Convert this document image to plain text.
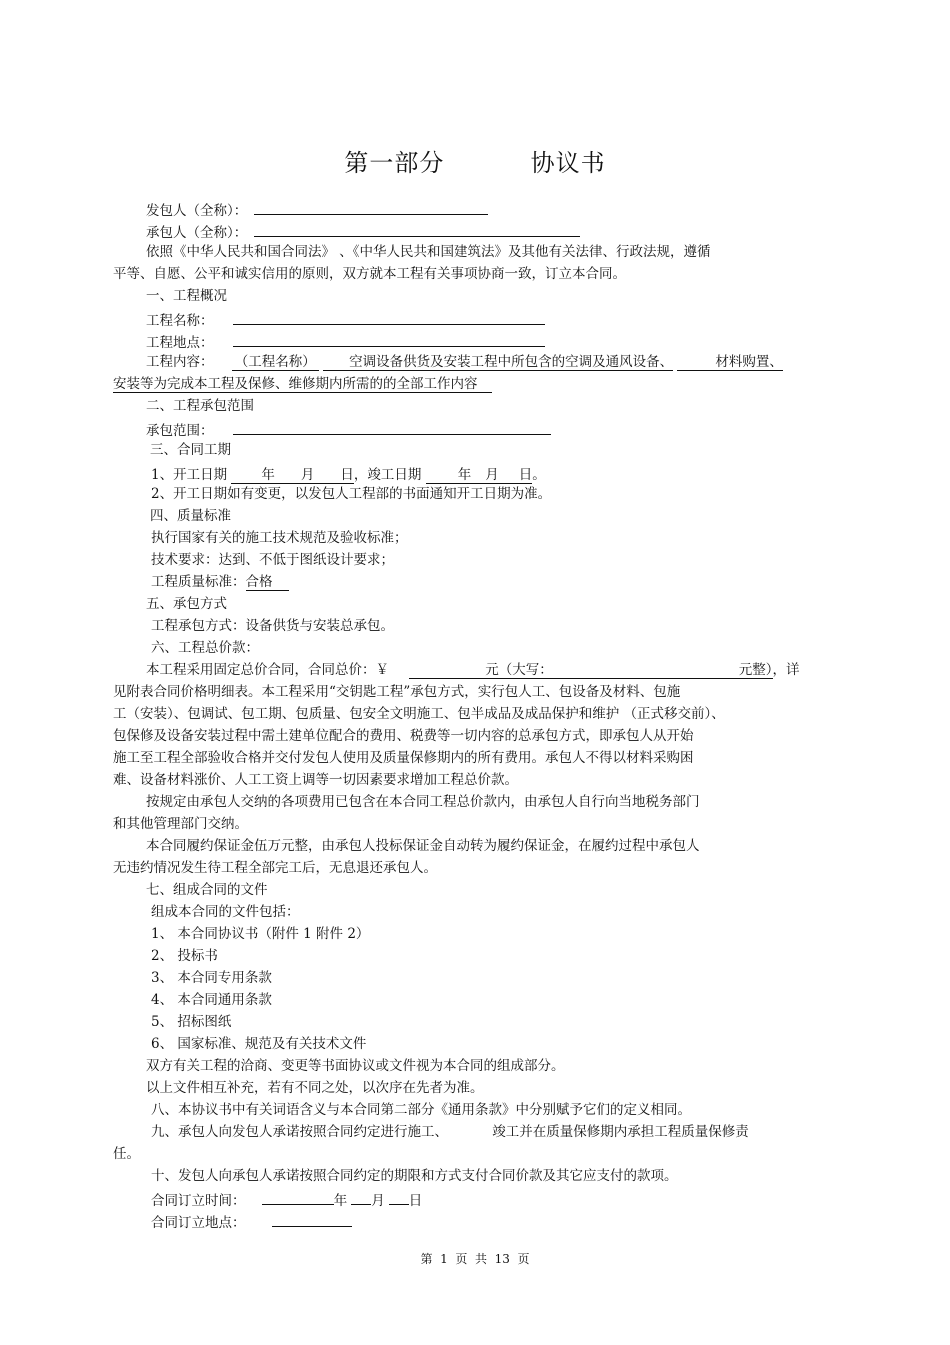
第一部分          协议书
发包人（全称）：
承包人（全称）：
依照《中华人民共和国合同法》 、《中华人民共和国建筑法》及其他有关法律、行政法规，遵循
平等、自愿、公平和诚实信用的原则，双方就本工程有关事项协商一致，订立本合同。
一、工程概况
工程名称：
工程地点：
工程内容： （工程名称） 空调设备供货及安装工程中所包含的空调及通风设备、	材料购置、
安装等为完成本工程及保修、维修期内所需的的全部工作内容
二、工程承包范围
承包范围：
三、合同工期
1、开工日期	年 月 日，竣工日期	年 月 日。
2、开工日期如有变更，以发包人工程部的书面通知开工日期为准。
四、质量标准
执行国家有关的施工技术规范及验收标准；
技术要求：达到、不低于图纸设计要求；
工程质量标准：合格
五、承包方式
工程承包方式：设备供货与安装总承包。
六、工程总价款：
本工程采用固定总价合同，合同总价：￥	元（大写：	元整），详
见附表合同价格明细表。本工程采用“交钥匙工程”承包方式，实行包人工、包设备及材料、包施
工（安装）、包调试、包工期、包质量、包安全文明施工、包半成品及成品保护和维护 （正式移交前）、
包保修及设备安装过程中需土建单位配合的费用、税费等一切内容的总承包方式，即承包人从开始
施工至工程全部验收合格并交付发包人使用及质量保修期内的所有费用。承包人不得以材料采购困
难、设备材料涨价、人工工资上调等一切因素要求增加工程总价款。
按规定由承包人交纳的各项费用已包含在本合同工程总价款内，由承包人自行向当地税务部门
和其他管理部门交纳。
本合同履约保证金伍万元整，由承包人投标保证金自动转为履约保证金，在履约过程中承包人
无违约情况发生待工程全部完工后，无息退还承包人。
七、组成合同的文件
组成本合同的文件包括：
1、 本合同协议书（附件 1 附件 2）
2、 投标书
3、 本合同专用条款
4、 本合同通用条款
5、 招标图纸
6、 国家标准、规范及有关技术文件
双方有关工程的洽商、变更等书面协议或文件视为本合同的组成部分。
以上文件相互补充，若有不同之处，以次序在先者为准。
八、本协议书中有关词语含义与本合同第二部分《通用条款》中分别赋予它们的定义相同。
九、承包人向发包人承诺按照合同约定进行施工、	竣工并在质量保修期内承担工程质量保修责
任。
十、发包人向承包人承诺按照合同约定的期限和方式支付合同价款及其它应支付的款项。
合同订立时间：	年 月 日
合同订立地点：
第  1  页  共  13  页
